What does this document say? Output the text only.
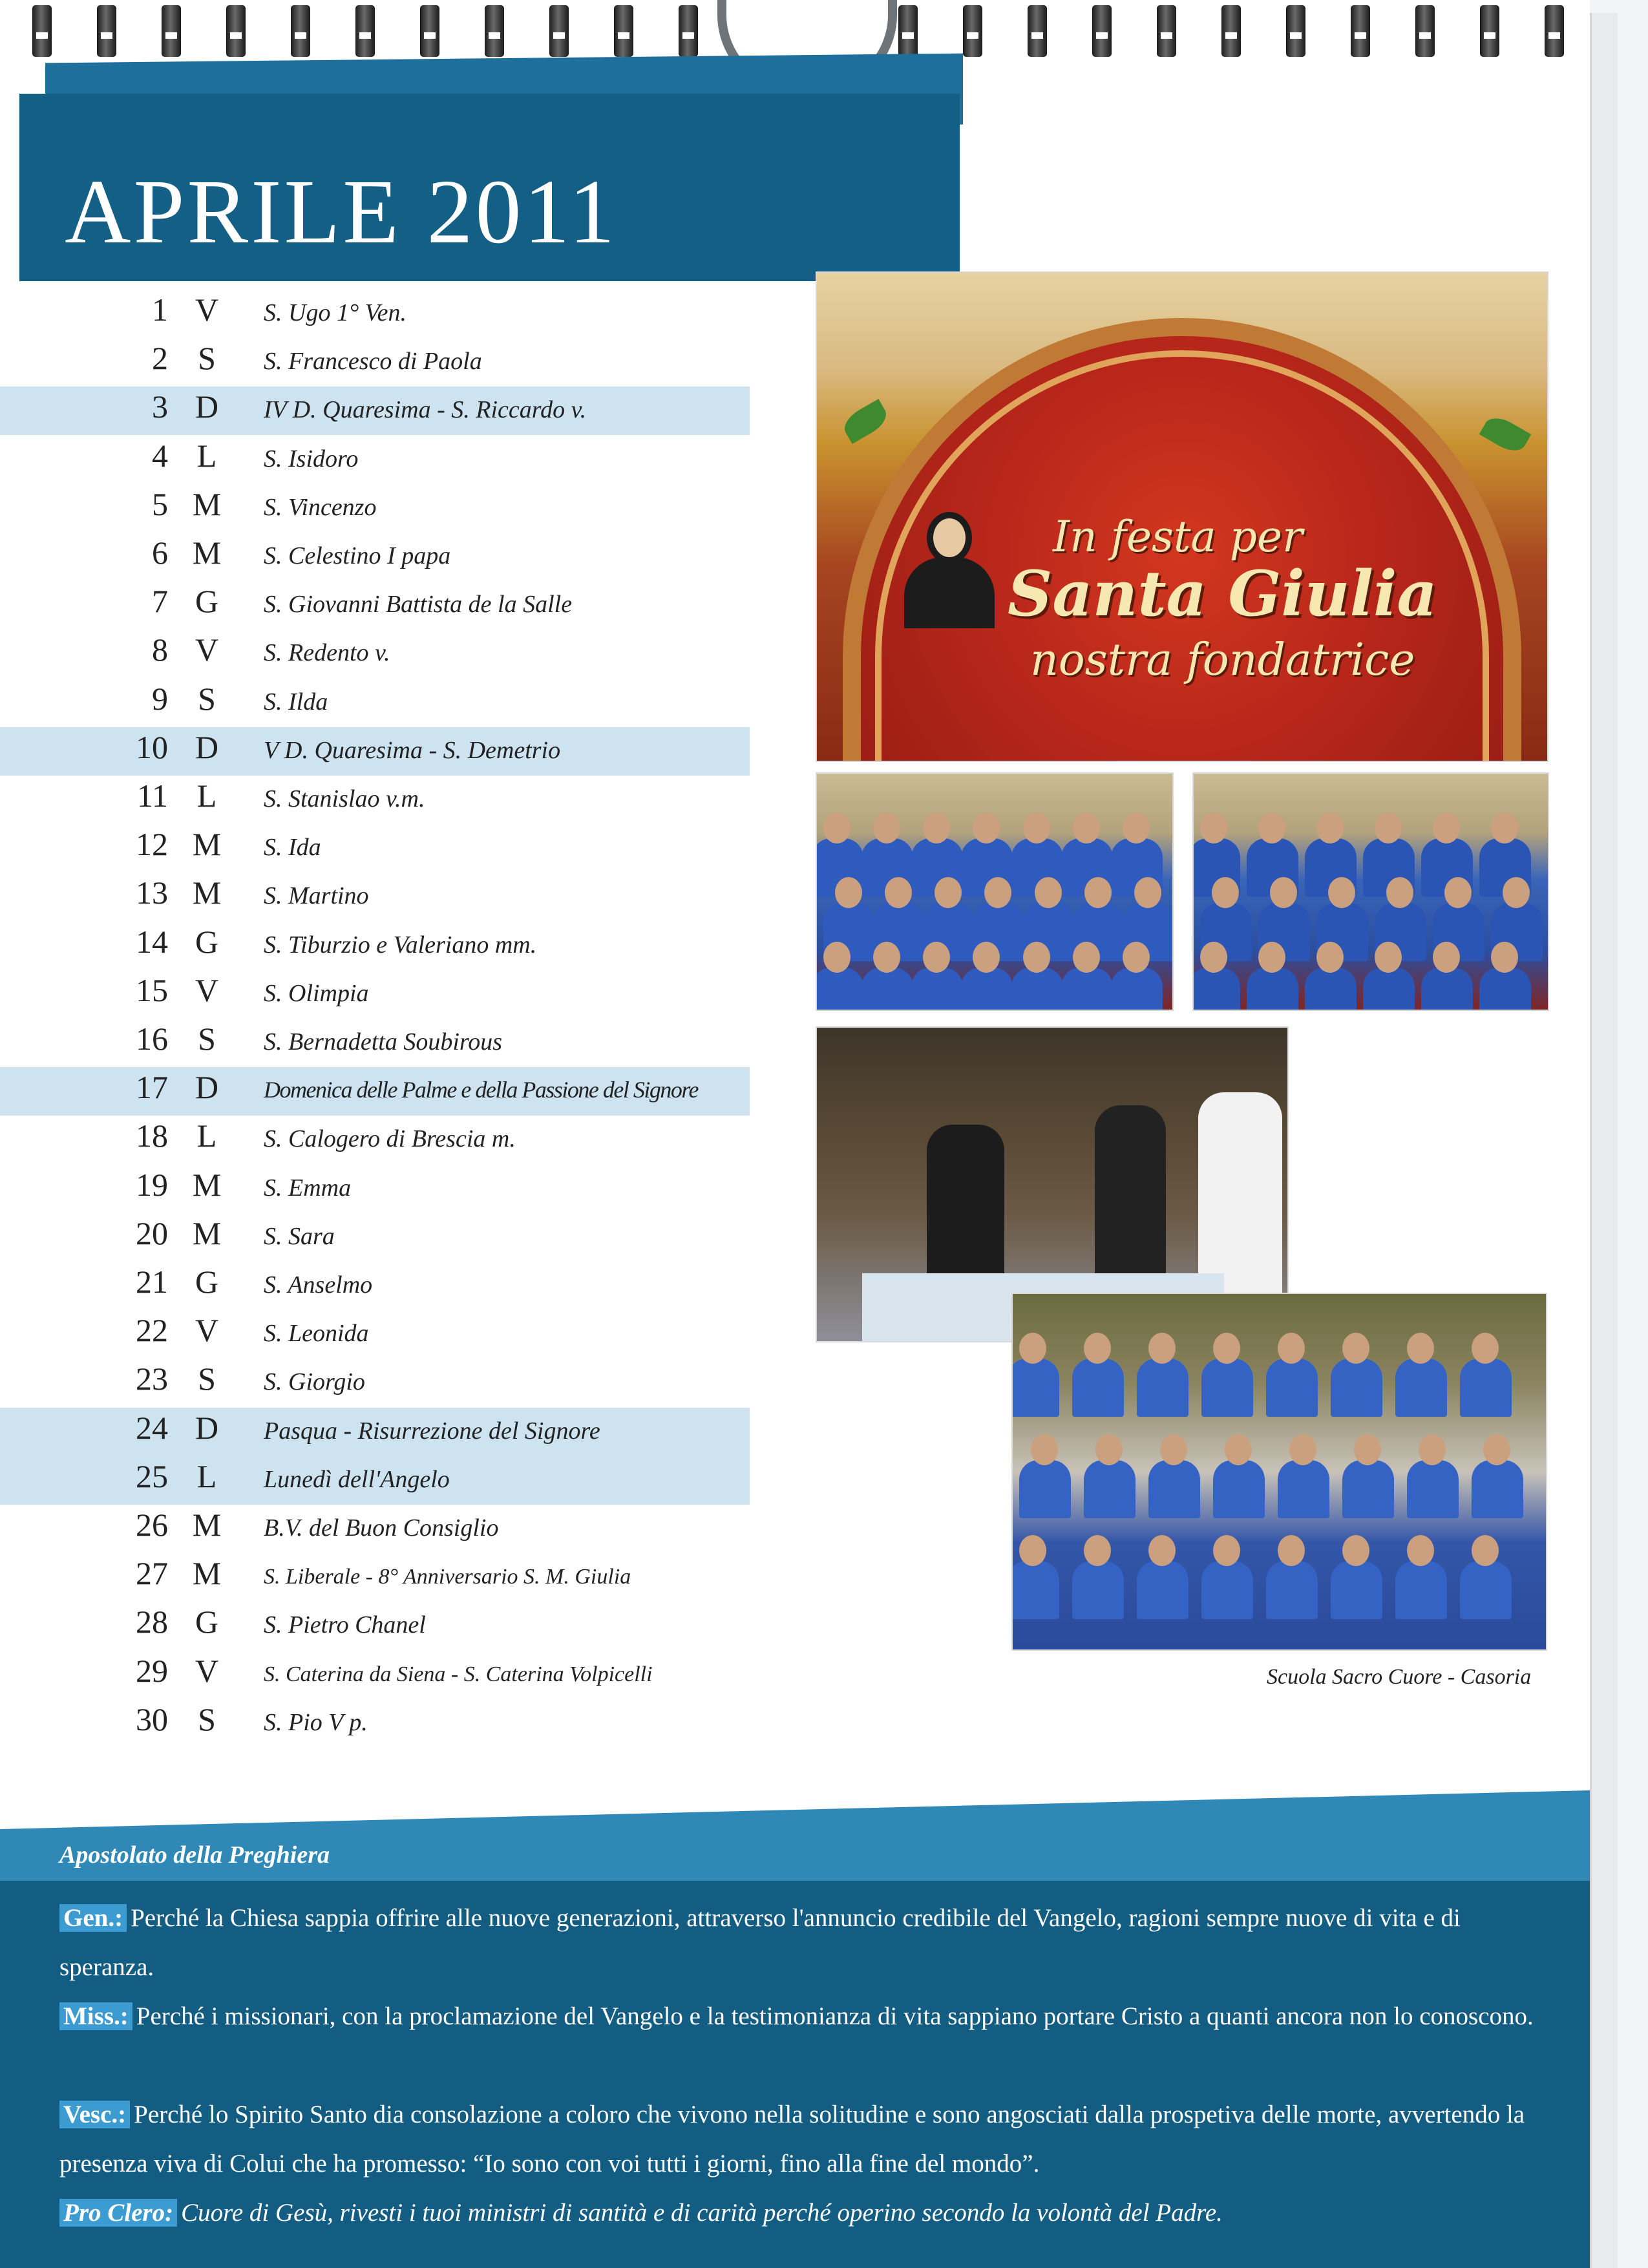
APRILE 2011
1 V	S. Ugo 1° Ven.
2 S	S. Francesco di Paola
3 D	IV D. Quaresima - S. Riccardo v.
4 L	S. Isidoro
5 M S. Vincenzo
6 M S. Celestino I papa
7 G	S. Giovanni Battista de la Salle
8 V	S. Redento v.
9 S	S. Ilda
10 D	V D. Quaresima - S. Demetrio
11 L	S. Stanislao v.m.
12 M S. Ida
13 M S. Martino
14 G	S. Tiburzio e Valeriano mm.
15 V	S. Olimpia
16 S	S. Bernadetta Soubirous
17 D	Domenica delle Palme e della Passione del Signore
18 L	S. Calogero di Brescia m.
19 M S. Emma
20 M S. Sara
21 G	S. Anselmo
22 V	S. Leonida
23 S	S. Giorgio
24 D	Pasqua - Risurrezione del Signore
25 L	Lunedì dell'Angelo
26 M B.V. del Buon Consiglio
27 M S. Liberale - 8° Anniversario S. M. Giulia
28 G	S. Pietro Chanel
29 V	S. Caterina da Siena - S. Caterina Volpicelli
30 S	S. Pio V p.
In festa per
Santa Giulia
nostra fondatrice
Scuola Sacro Cuore - Casoria
Apostolato della Preghiera
Gen.: Perché la Chiesa sappia offrire alle nuove generazioni, attraverso l'annuncio credibile del Vangelo, ragioni sempre nuove di vita e di speranza.
Miss.: Perché i missionari, con la proclamazione del Vangelo e la testimonianza di vita sappiano portare Cristo a quanti ancora non lo conoscono.
Vesc.: Perché lo Spirito Santo dia consolazione a coloro che vivono nella solitudine e sono angosciati dalla prospetiva delle morte, avvertendo la presenza viva di Colui che ha promesso: “Io sono con voi tutti i giorni, fino alla fine del mondo”.
Pro Clero: Cuore di Gesù, rivesti i tuoi ministri di santità e di carità perché operino secondo la volontà del Padre.
